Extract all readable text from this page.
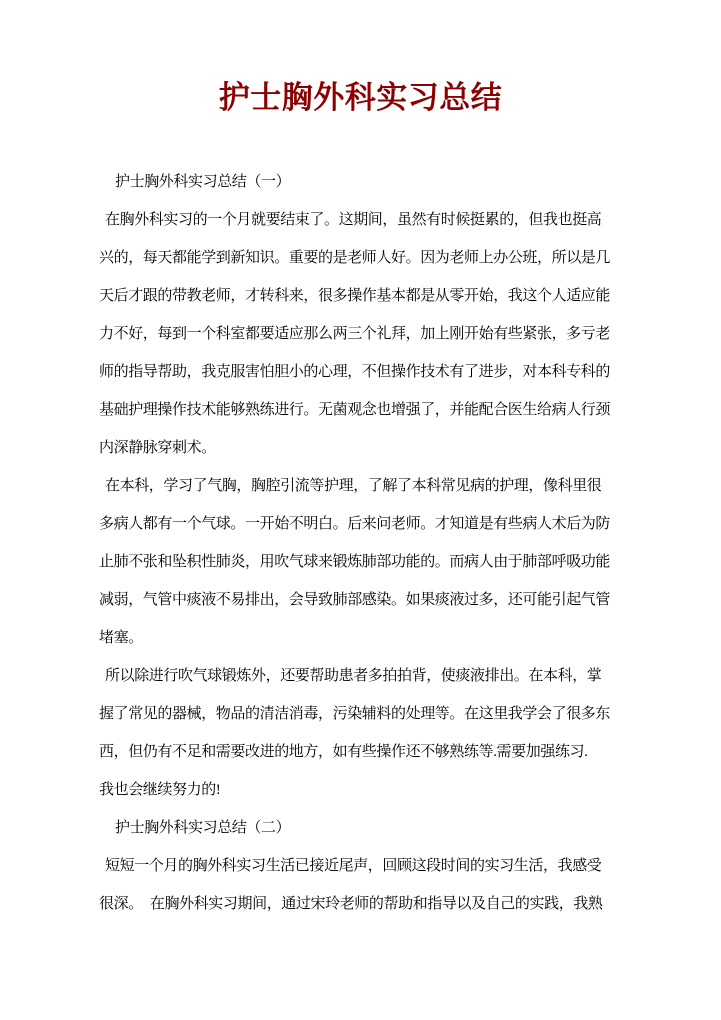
护士胸外科实习总结
护士胸外科实习总结（一）
在胸外科实习的一个月就要结束了。这期间，虽然有时候挺累的，但我也挺高
兴的，每天都能学到新知识。重要的是老师人好。因为老师上办公班，所以是几
天后才跟的带教老师，才转科来，很多操作基本都是从零开始，我这个人适应能
力不好，每到一个科室都要适应那么两三个礼拜，加上刚开始有些紧张，多亏老
师的指导帮助，我克服害怕胆小的心理，不但操作技术有了进步，对本科专科的
基础护理操作技术能够熟练进行。无菌观念也增强了，并能配合医生给病人行颈
内深静脉穿刺术。
在本科，学习了气胸，胸腔引流等护理，了解了本科常见病的护理，像科里很
多病人都有一个气球。一开始不明白。后来问老师。才知道是有些病人术后为防
止肺不张和坠积性肺炎，用吹气球来锻炼肺部功能的。而病人由于肺部呼吸功能
减弱，气管中痰液不易排出，会导致肺部感染。如果痰液过多，还可能引起气管
堵塞。
所以除进行吹气球锻炼外，还要帮助患者多拍拍背，使痰液排出。在本科，掌
握了常见的器械，物品的清洁消毒，污染辅料的处理等。在这里我学会了很多东
西，但仍有不足和需要改进的地方，如有些操作还不够熟练等.需要加强练习.
我也会继续努力的!
护士胸外科实习总结（二）
短短一个月的胸外科实习生活已接近尾声，回顾这段时间的实习生活，我感受
很深。　在胸外科实习期间，通过宋玲老师的帮助和指导以及自己的实践，我熟
